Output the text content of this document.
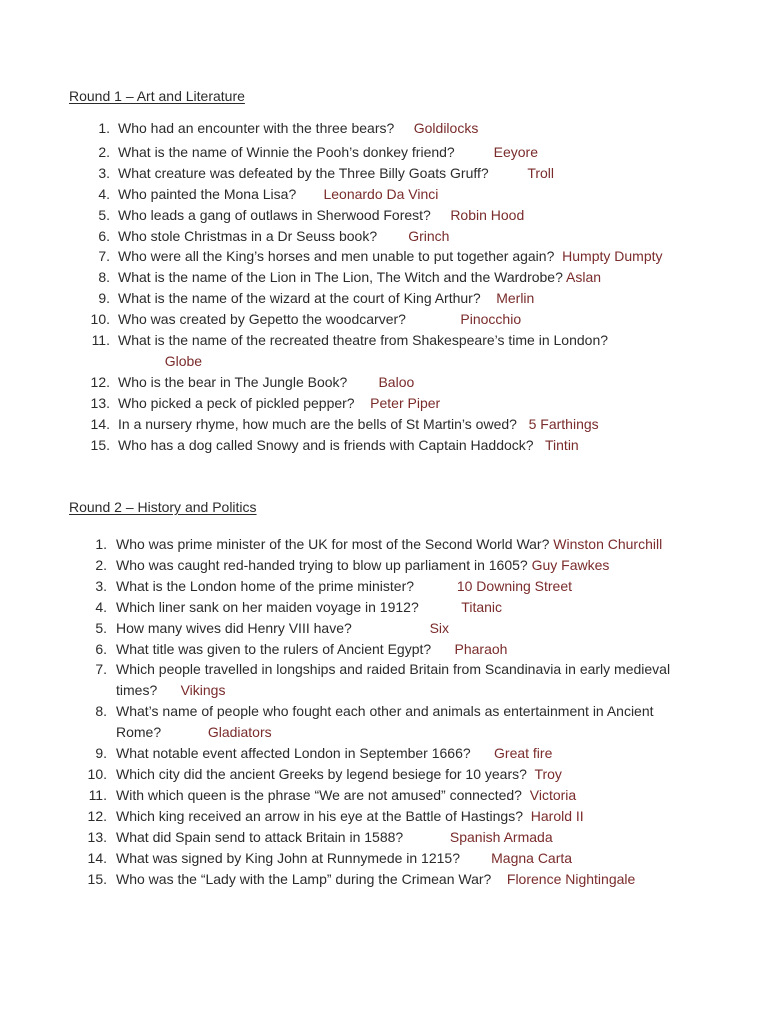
Round 1 – Art and Literature
1. Who had an encounter with the three bears? Goldilocks
2. What is the name of Winnie the Pooh’s donkey friend?	Eeyore
3. What creature was defeated by the Three Billy Goats Gruff?	Troll
4. Who painted the Mona Lisa? Leonardo Da Vinci
5. Who leads a gang of outlaws in Sherwood Forest? Robin Hood
6. Who stole Christmas in a Dr Seuss book? Grinch
7. Who were all the King’s horses and men unable to put together again? Humpty Dumpty
8. What is the name of the Lion in The Lion, The Witch and the Wardrobe? Aslan
9. What is the name of the wizard at the court of King Arthur? Merlin
10. Who was created by Gepetto the woodcarver?	Pinocchio
11. What is the name of the recreated theatre from Shakespeare’s time in London?            Globe
12. Who is the bear in The Jungle Book? Baloo
13. Who picked a peck of pickled pepper? Peter Piper
14. In a nursery rhyme, how much are the bells of St Martin’s owed? 5 Farthings
15. Who has a dog called Snowy and is friends with Captain Haddock? Tintin
Round 2 – History and Politics
1. Who was prime minister of the UK for most of the Second World War? Winston Churchill
2. Who was caught red-handed trying to blow up parliament in 1605? Guy Fawkes
3. What is the London home of the prime minister?	10 Downing Street
4. Which liner sank on her maiden voyage in 1912?	Titanic
5. How many wives did Henry VIII have?	Six
6. What title was given to the rulers of Ancient Egypt? Pharaoh
7. Which people travelled in longships and raided Britain from Scandinavia in early medieval times? Vikings
8. What’s name of people who fought each other and animals as entertainment in Ancient Rome?	Gladiators
9. What notable event affected London in September 1666? Great fire
10. Which city did the ancient Greeks by legend besiege for 10 years? Troy
11. With which queen is the phrase “We are not amused” connected? Victoria
12. Which king received an arrow in his eye at the Battle of Hastings? Harold II
13. What did Spain send to attack Britain in 1588?	Spanish Armada
14. What was signed by King John at Runnymede in 1215? Magna Carta
15. Who was the “Lady with the Lamp” during the Crimean War? Florence Nightingale
